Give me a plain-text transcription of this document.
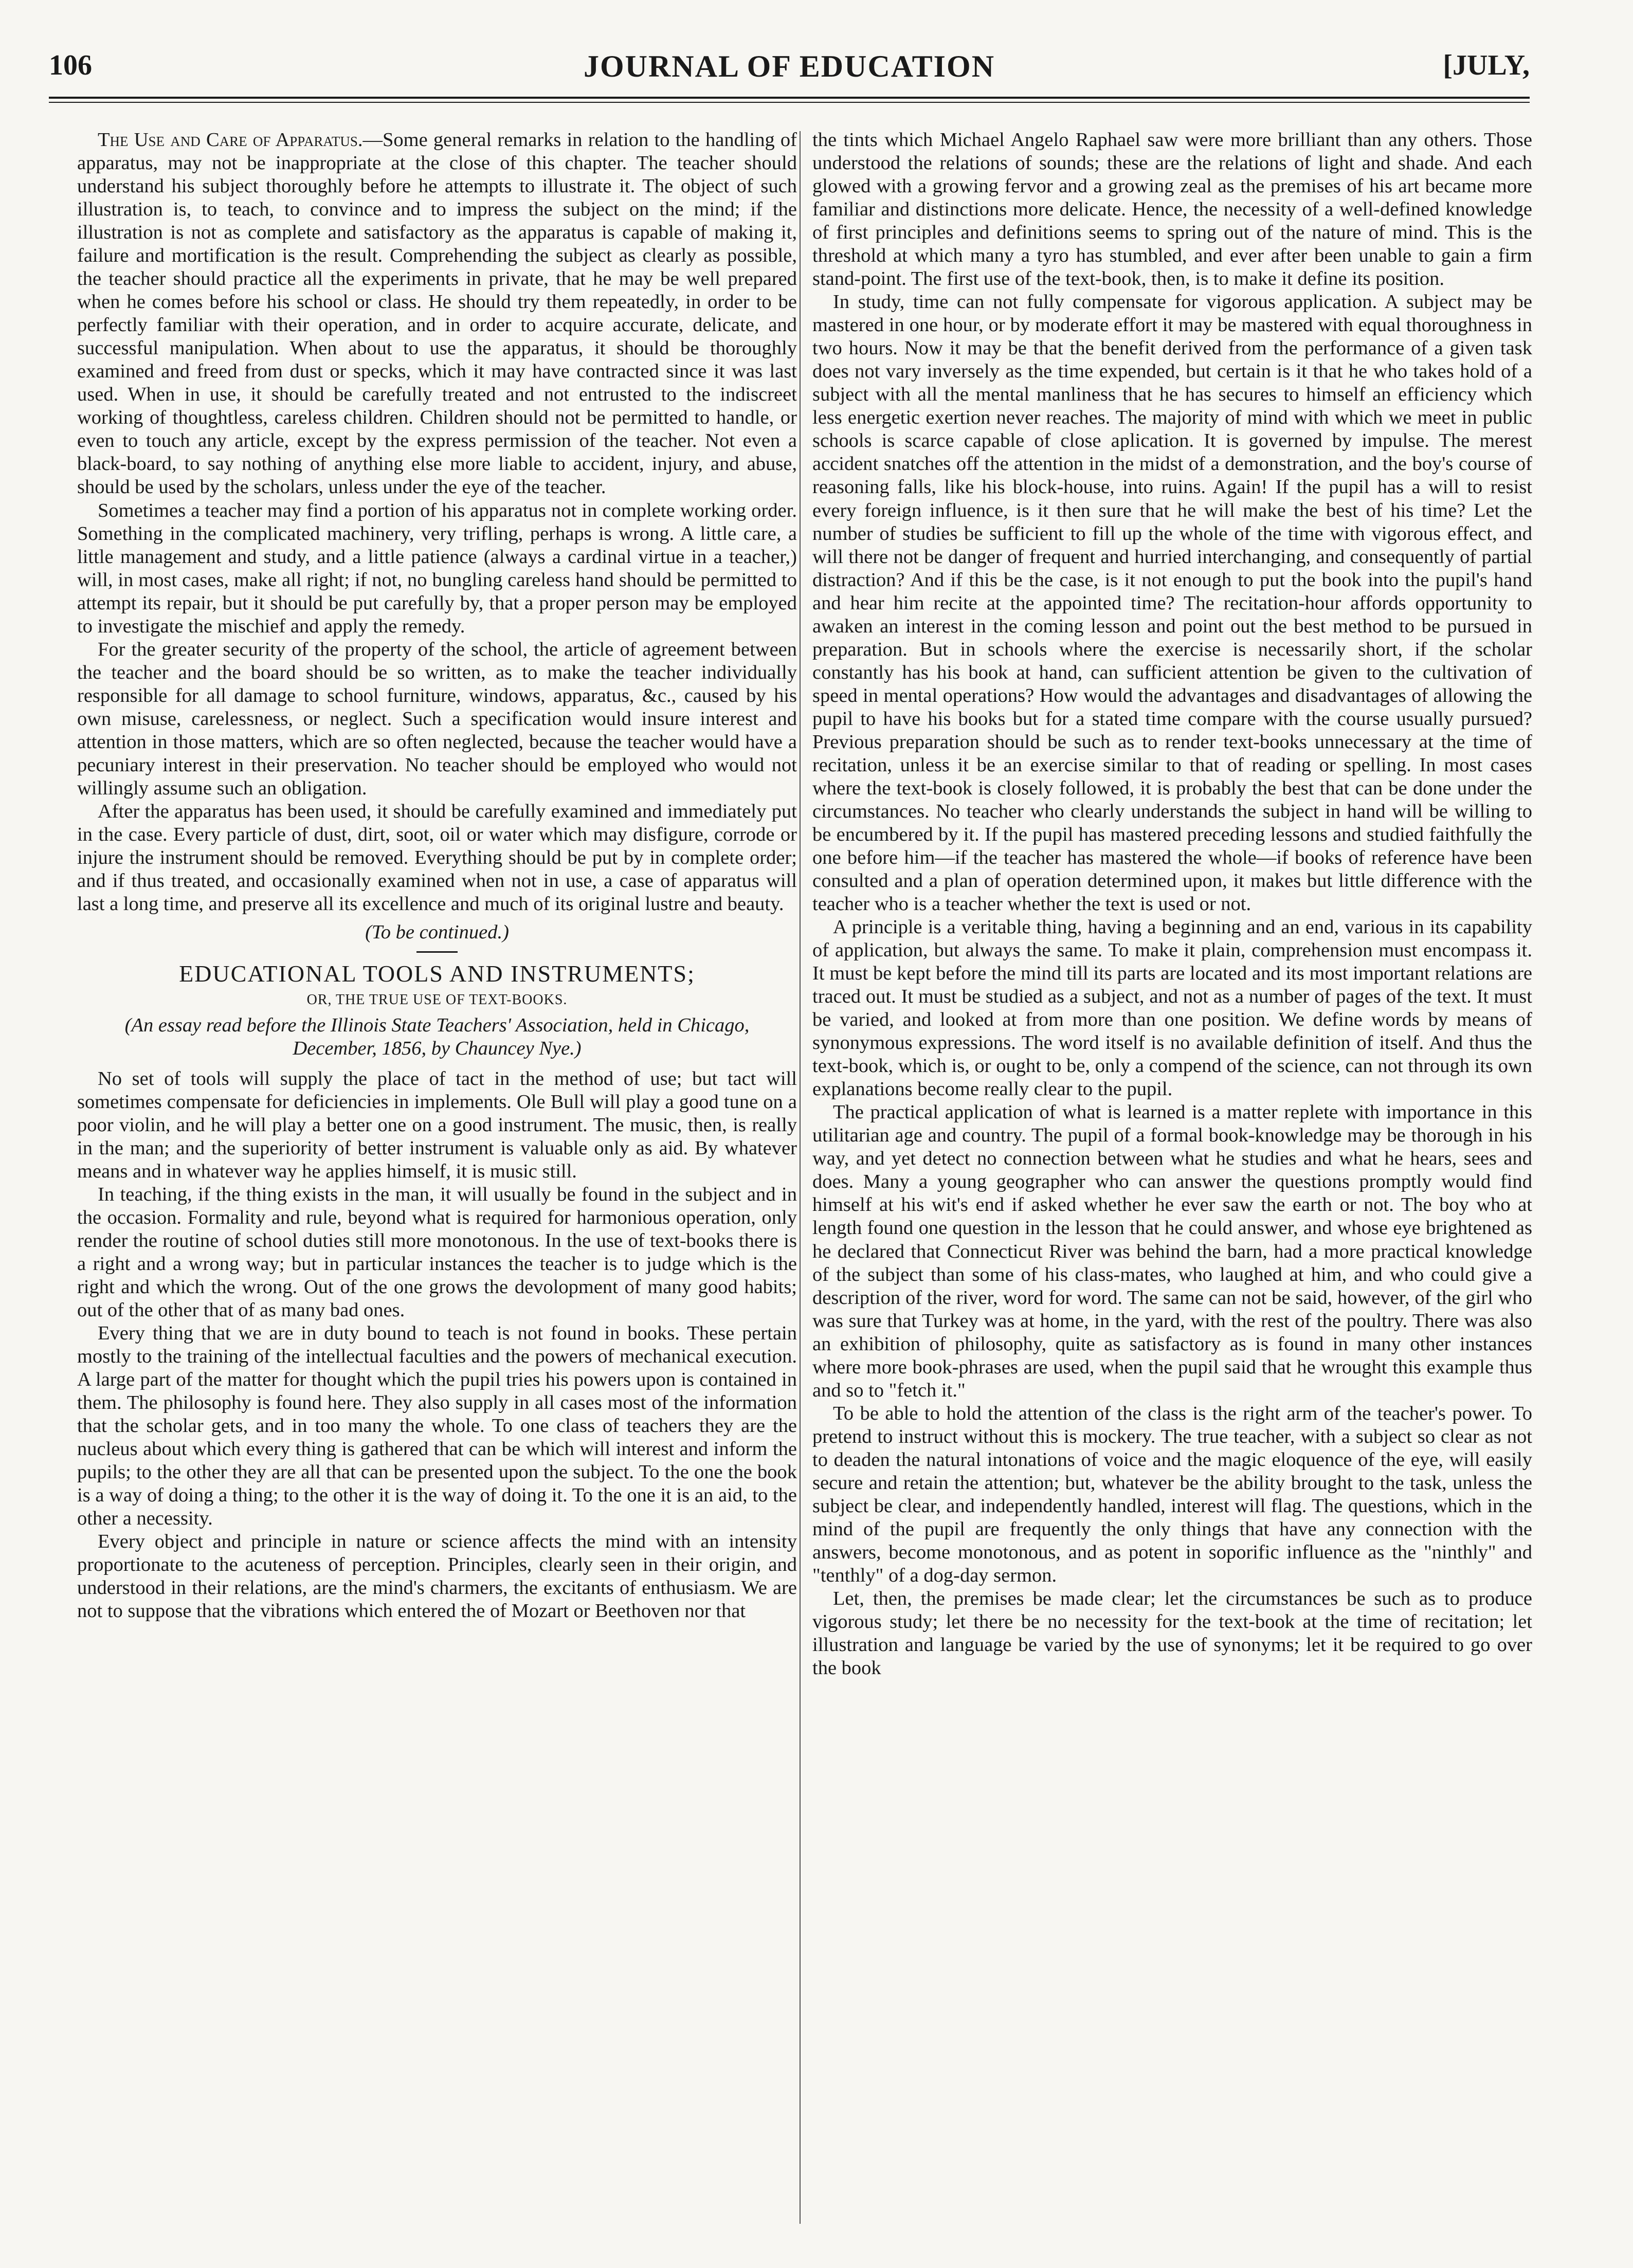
106	JOURNAL OF EDUCATION	[JULY,

The Use and Care of Apparatus.—Some general remarks in relation to the handling of apparatus, may not be inappropriate at the close of this chapter. The teacher should understand his subject thoroughly before he attempts to illustrate it. The object of such illustration is, to teach, to convince and to impress the subject on the mind; if the illustration is not as complete and satisfactory as the apparatus is capable of making it, failure and mortification is the result. Comprehending the subject as clearly as possible, the teacher should practice all the experiments in private, that he may be well prepared when he comes before his school or class. He should try them repeatedly, in order to be perfectly familiar with their operation, and in order to acquire accurate, delicate, and successful manipulation. When about to use the apparatus, it should be thoroughly examined and freed from dust or specks, which it may have contracted since it was last used. When in use, it should be carefully treated and not entrusted to the indiscreet working of thoughtless, careless children. Children should not be permitted to handle, or even to touch any article, except by the express permission of the teacher. Not even a black-board, to say nothing of anything else more liable to accident, injury, and abuse, should be used by the scholars, unless under the eye of the teacher.

Sometimes a teacher may find a portion of his apparatus not in complete working order. Something in the complicated machinery, very trifling, perhaps is wrong. A little care, a little management and study, and a little patience (always a cardinal virtue in a teacher,) will, in most cases, make all right; if not, no bungling careless hand should be permitted to attempt its repair, but it should be put carefully by, that a proper person may be employed to investigate the mischief and apply the remedy.

For the greater security of the property of the school, the article of agreement between the teacher and the board should be so written, as to make the teacher individually responsible for all damage to school furniture, windows, apparatus, &c., caused by his own misuse, carelessness, or neglect. Such a specification would insure interest and attention in those matters, which are so often neglected, because the teacher would have a pecuniary interest in their preservation. No teacher should be employed who would not willingly assume such an obligation.

After the apparatus has been used, it should be carefully examined and immediately put in the case. Every particle of dust, dirt, soot, oil or water which may disfigure, corrode or injure the instrument should be removed. Everything should be put by in complete order; and if thus treated, and occasionally examined when not in use, a case of apparatus will last a long time, and preserve all its excellence and much of its original lustre and beauty.

(To be continued.)

EDUCATIONAL TOOLS AND INSTRUMENTS;

OR, THE TRUE USE OF TEXT-BOOKS.

(An essay read before the Illinois State Teachers' Association, held in Chicago, December, 1856, by Chauncey Nye.)

No set of tools will supply the place of tact in the method of use; but tact will sometimes compensate for deficiencies in implements. Ole Bull will play a good tune on a poor violin, and he will play a better one on a good instrument. The music, then, is really in the man; and the superiority of better instrument is valuable only as aid. By whatever means and in whatever way he applies himself, it is music still.

In teaching, if the thing exists in the man, it will usually be found in the subject and in the occasion. Formality and rule, beyond what is required for harmonious operation, only render the routine of school duties still more monotonous. In the use of text-books there is a right and a wrong way; but in particular instances the teacher is to judge which is the right and which the wrong. Out of the one grows the devolopment of many good habits; out of the other that of as many bad ones.

Every thing that we are in duty bound to teach is not found in books. These pertain mostly to the training of the intellectual faculties and the powers of mechanical execution. A large part of the matter for thought which the pupil tries his powers upon is contained in them. The philosophy is found here. They also supply in all cases most of the information that the scholar gets, and in too many the whole. To one class of teachers they are the nucleus about which every thing is gathered that can be which will interest and inform the pupils; to the other they are all that can be presented upon the subject. To the one the book is a way of doing a thing; to the other it is the way of doing it. To the one it is an aid, to the other a necessity.

Every object and principle in nature or science affects the mind with an intensity proportionate to the acuteness of perception. Principles, clearly seen in their origin, and understood in their relations, are the mind's charmers, the excitants of enthusiasm. We are not to suppose that the vibrations which entered the of Mozart or Beethoven nor that

the tints which Michael Angelo Raphael saw were more brilliant than any others. Those understood the relations of sounds; these are the relations of light and shade. And each glowed with a growing fervor and a growing zeal as the premises of his art became more familiar and distinctions more delicate. Hence, the necessity of a well-defined knowledge of first principles and definitions seems to spring out of the nature of mind. This is the threshold at which many a tyro has stumbled, and ever after been unable to gain a firm stand-point. The first use of the text-book, then, is to make it define its position.

In study, time can not fully compensate for vigorous application. A subject may be mastered in one hour, or by moderate effort it may be mastered with equal thoroughness in two hours. Now it may be that the benefit derived from the performance of a given task does not vary inversely as the time expended, but certain is it that he who takes hold of a subject with all the mental manliness that he has secures to himself an efficiency which less energetic exertion never reaches. The majority of mind with which we meet in public schools is scarce capable of close aplication. It is governed by impulse. The merest accident snatches off the attention in the midst of a demonstration, and the boy's course of reasoning falls, like his block-house, into ruins. Again! If the pupil has a will to resist every foreign influence, is it then sure that he will make the best of his time? Let the number of studies be sufficient to fill up the whole of the time with vigorous effect, and will there not be danger of frequent and hurried interchanging, and consequently of partial distraction? And if this be the case, is it not enough to put the book into the pupil's hand and hear him recite at the appointed time? The recitation-hour affords opportunity to awaken an interest in the coming lesson and point out the best method to be pursued in preparation. But in schools where the exercise is necessarily short, if the scholar constantly has his book at hand, can sufficient attention be given to the cultivation of speed in mental operations? How would the advantages and disadvantages of allowing the pupil to have his books but for a stated time compare with the course usually pursued? Previous preparation should be such as to render text-books unnecessary at the time of recitation, unless it be an exercise similar to that of reading or spelling. In most cases where the text-book is closely followed, it is probably the best that can be done under the circumstances. No teacher who clearly understands the subject in hand will be willing to be encumbered by it. If the pupil has mastered preceding lessons and studied faithfully the one before him—if the teacher has mastered the whole—if books of reference have been consulted and a plan of operation determined upon, it makes but little difference with the teacher who is a teacher whether the text is used or not.

A principle is a veritable thing, having a beginning and an end, various in its capability of application, but always the same. To make it plain, comprehension must encompass it. It must be kept before the mind till its parts are located and its most important relations are traced out. It must be studied as a subject, and not as a number of pages of the text. It must be varied, and looked at from more than one position. We define words by means of synonymous expressions. The word itself is no available definition of itself. And thus the text-book, which is, or ought to be, only a compend of the science, can not through its own explanations become really clear to the pupil.

The practical application of what is learned is a matter replete with importance in this utilitarian age and country. The pupil of a formal book-knowledge may be thorough in his way, and yet detect no connection between what he studies and what he hears, sees and does. Many a young geographer who can answer the questions promptly would find himself at his wit's end if asked whether he ever saw the earth or not. The boy who at length found one question in the lesson that he could answer, and whose eye brightened as he declared that Connecticut River was behind the barn, had a more practical knowledge of the subject than some of his class-mates, who laughed at him, and who could give a description of the river, word for word. The same can not be said, however, of the girl who was sure that Turkey was at home, in the yard, with the rest of the poultry. There was also an exhibition of philosophy, quite as satisfactory as is found in many other instances where more book-phrases are used, when the pupil said that he wrought this example thus and so to "fetch it."

To be able to hold the attention of the class is the right arm of the teacher's power. To pretend to instruct without this is mockery. The true teacher, with a subject so clear as not to deaden the natural intonations of voice and the magic eloquence of the eye, will easily secure and retain the attention; but, whatever be the ability brought to the task, unless the subject be clear, and independently handled, interest will flag. The questions, which in the mind of the pupil are frequently the only things that have any connection with the answers, become monotonous, and as potent in soporific influence as the "ninthly" and "tenthly" of a dog-day sermon.

Let, then, the premises be made clear; let the circumstances be such as to produce vigorous study; let there be no necessity for the text-book at the time of recitation; let illustration and language be varied by the use of synonyms; let it be required to go over the book
